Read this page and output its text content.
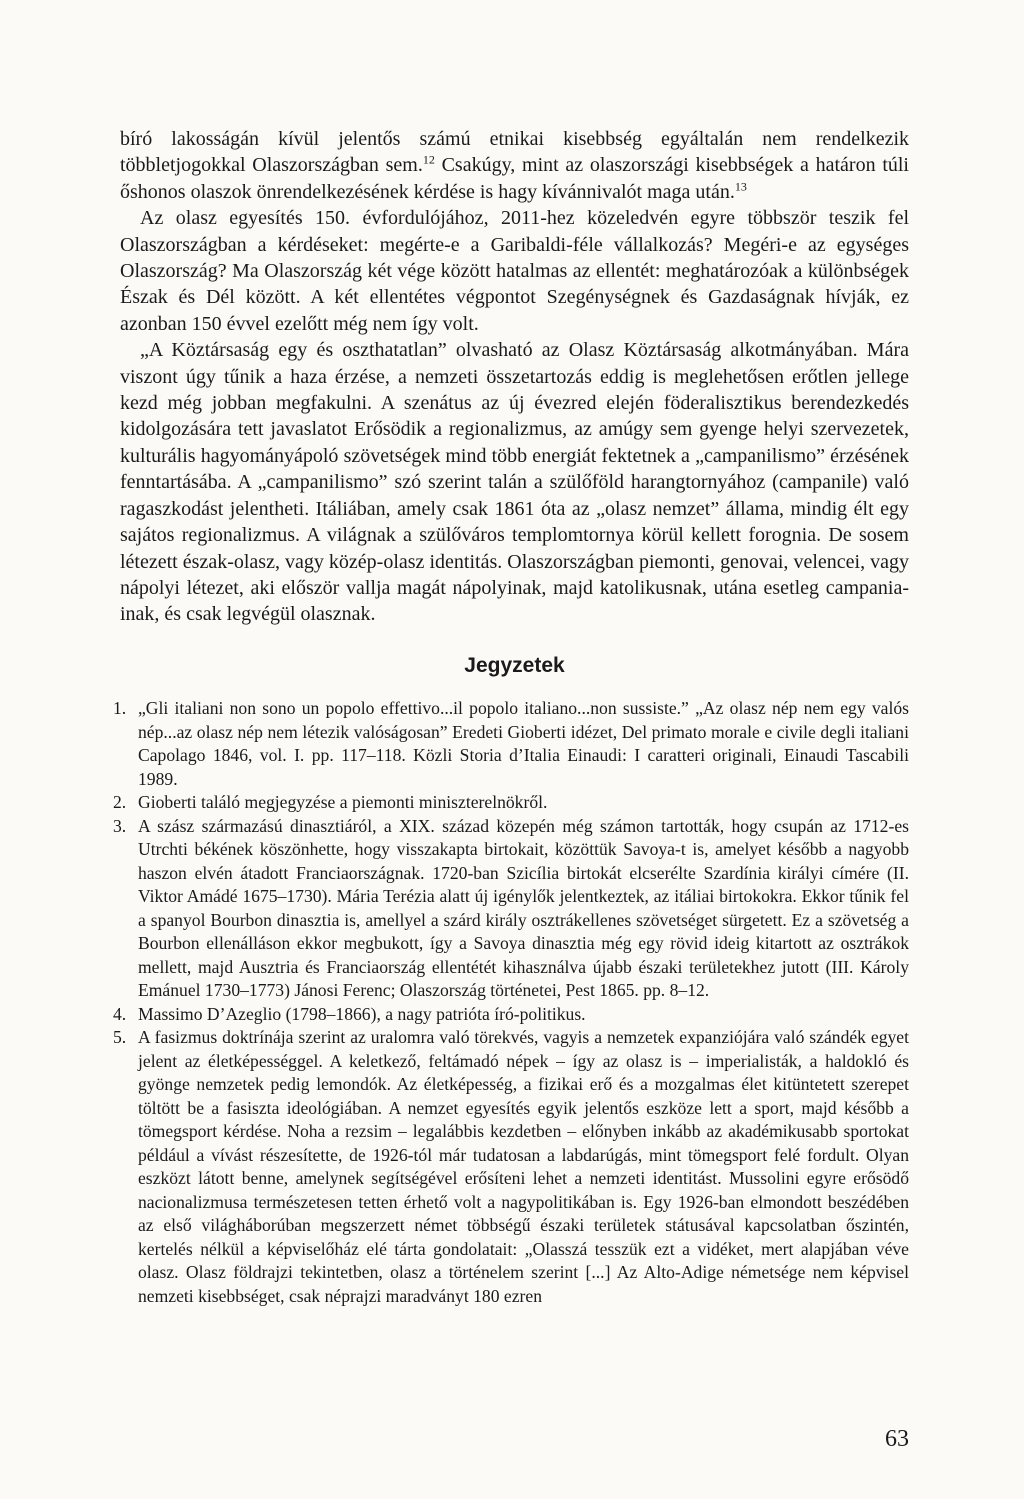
bíró lakosságán kívül jelentős számú etnikai kisebbség egyáltalán nem rendelkezik többletjogokkal Olaszországban sem.$^{12}$ Csakúgy, mint az olaszországi kisebbségek a határon túli őshonos olaszok önrendelkezésének kérdése is hagy kívánnivalót maga után.$^{13}$

Az olasz egyesítés 150. évfordulójához, 2011-hez közeledvén egyre többször teszik fel Olaszországban a kérdéseket: megérte-e a Garibaldi-féle vállalkozás? Megéri-e az egységes Olaszország? Ma Olaszország két vége között hatalmas az ellentét: meghatározóak a különbségek Észak és Dél között. A két ellentétes végpontot Szegénységnek és Gazdaságnak hívják, ez azonban 150 évvel ezelőtt még nem így volt.

„A Köztársaság egy és oszthatatlan” olvasható az Olasz Köztársaság alkotmányában. Mára viszont úgy tűnik a haza érzése, a nemzeti összetartozás eddig is meglehetősen erőtlen jellege kezd még jobban megfakulni. A szenátus az új évezred elején föderalisztikus berendezkedés kidolgozására tett javaslatot Erősödik a regionalizmus, az amúgy sem gyenge helyi szervezetek, kulturális hagyományápoló szövetségek mind több energiát fektetnek a „campanilismo” érzésének fenntartásába. A „campanilismo” szó szerint talán a szülőföld harangtornyához (campanile) való ragaszkodást jelentheti. Itáliában, amely csak 1861 óta az „olasz nemzet” állama, mindig élt egy sajátos regionalizmus. A világnak a szülőváros templomtornya körül kellett forognia. De sosem létezett észak-olasz, vagy közép-olasz identitás. Olaszországban piemonti, genovai, velencei, vagy nápolyi létezet, aki először vallja magát nápolyinak, majd katolikusnak, utána esetleg campania-inak, és csak legvégül olasznak.

Jegyzetek
1. „Gli italiani non sono un popolo effettivo...il popolo italiano...non sussiste.” „Az olasz nép nem egy valós nép...az olasz nép nem létezik valóságosan” Eredeti Gioberti idézet, Del primato morale e civile degli italiani Capolago 1846, vol. I. pp. 117–118. Közli Storia d’Italia Einaudi: I caratteri originali, Einaudi Tascabili 1989.
2. Gioberti találó megjegyzése a piemonti miniszterelnökről.
3. A szász származású dinasztiáról, a XIX. század közepén még számon tartották, hogy csupán az 1712-es Utrchti békének köszönhette, hogy visszakapta birtokait, közöttük Savoya-t is, amelyet később a nagyobb haszon elvén átadott Franciaországnak. 1720-ban Szicília birtokát elcserélte Szardínia királyi címére (II. Viktor Amádé 1675–1730). Mária Terézia alatt új igénylők jelentkeztek, az itáliai birtokokra. Ekkor tűnik fel a spanyol Bourbon dinasztia is, amellyel a szárd király osztrákellenes szövetséget sürgetett. Ez a szövetség a Bourbon ellenálláson ekkor megbukott, így a Savoya dinasztia még egy rövid ideig kitartott az osztrákok mellett, majd Ausztria és Franciaország ellentétét kihasználva újabb északi területekhez jutott (III. Károly Emánuel 1730–1773) Jánosi Ferenc; Olaszország történetei, Pest 1865. pp. 8–12.
4. Massimo D’Azeglio (1798–1866), a nagy patrióta író-politikus.
5. A fasizmus doktrínája szerint az uralomra való törekvés, vagyis a nemzetek expanziójára való szándék egyet jelent az életképességgel. A keletkező, feltámadó népek – így az olasz is – imperialisták, a haldokló és gyönge nemzetek pedig lemondók. Az életképesség, a fizikai erő és a mozgalmas élet kitüntetett szerepet töltött be a fasiszta ideológiában. A nemzet egyesítés egyik jelentős eszköze lett a sport, majd később a tömegsport kérdése. Noha a rezsim – legalábbis kezdetben – előnyben inkább az akadémikusabb sportokat például a vívást részesítette, de 1926-tól már tudatosan a labdarúgás, mint tömegsport felé fordult. Olyan eszközt látott benne, amelynek segítségével erősíteni lehet a nemzeti identitást. Mussolini egyre erősödő nacionalizmusa természetesen tetten érhető volt a nagypolitikában is. Egy 1926-ban elmondott beszédében az első világháborúban megszerzett német többségű északi területek státusával kapcsolatban őszintén, kertelés nélkül a képviselőház elé tárta gondolatait: „Olasszá tesszük ezt a vidéket, mert alapjában véve olasz. Olasz földrajzi tekintetben, olasz a történelem szerint [...] Az Alto-Adige németsége nem képvisel nemzeti kisebbséget, csak néprajzi maradványt 180 ezren
63
